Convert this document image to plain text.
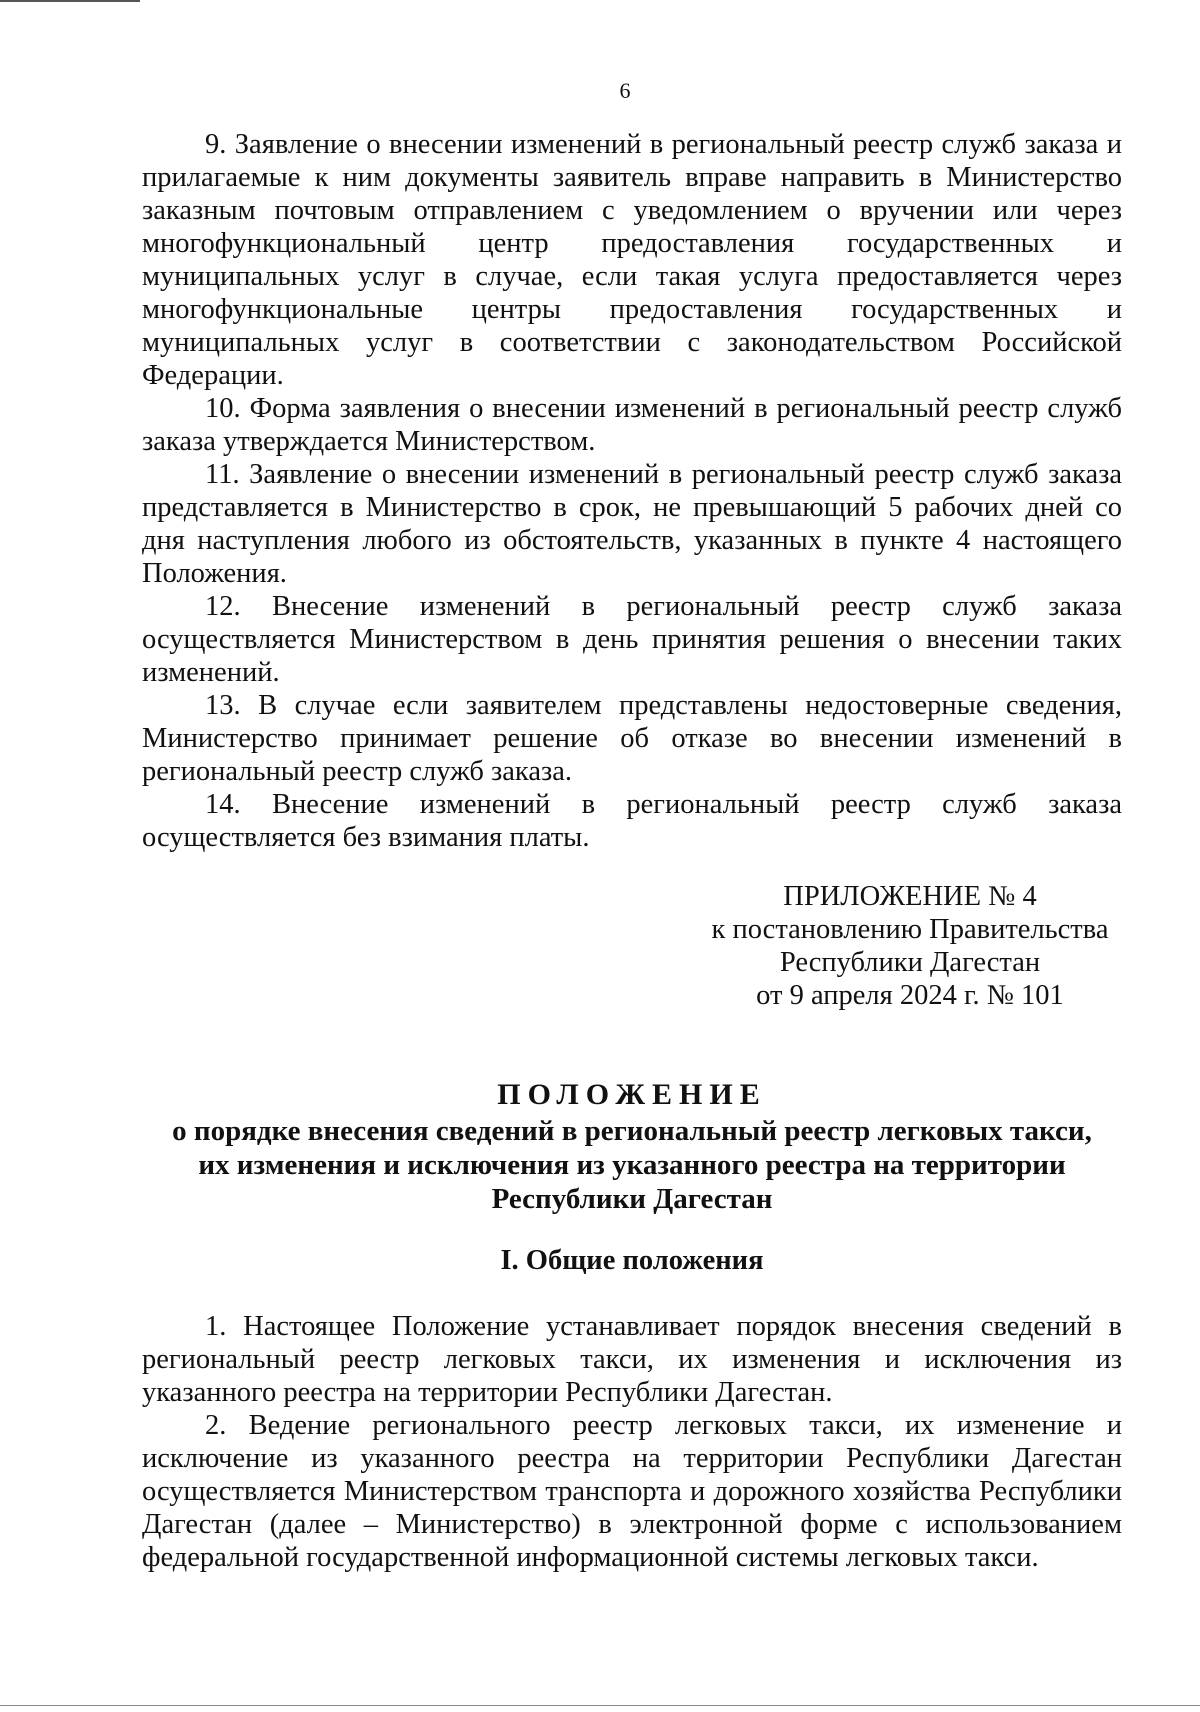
6

9. Заявление о внесении изменений в региональный реестр служб заказа и прилагаемые к ним документы заявитель вправе направить в Министерство заказным почтовым отправлением с уведомлением о вручении или через многофункциональный центр предоставления государственных и муниципальных услуг в случае, если такая услуга предоставляется через многофункциональные центры предоставления государственных и муниципальных услуг в соответствии с законодательством Российской Федерации.

10. Форма заявления о внесении изменений в региональный реестр служб заказа утверждается Министерством.

11. Заявление о внесении изменений в региональный реестр служб заказа представляется в Министерство в срок, не превышающий 5 рабочих дней со дня наступления любого из обстоятельств, указанных в пункте 4 настоящего Положения.

12. Внесение изменений в региональный реестр служб заказа осуществляется Министерством в день принятия решения о внесении таких изменений.

13. В случае если заявителем представлены недостоверные сведения, Министерство принимает решение об отказе во внесении изменений в региональный реестр служб заказа.

14. Внесение изменений в региональный реестр служб заказа осуществляется без взимания платы.

ПРИЛОЖЕНИЕ № 4
к постановлению Правительства
Республики Дагестан
от 9 апреля 2024 г. № 101
ПОЛОЖЕНИЕ
о порядке внесения сведений в региональный реестр легковых такси,
их изменения и исключения из указанного реестра на территории
Республики Дагестан
I. Общие положения

1. Настоящее Положение устанавливает порядок внесения сведений в региональный реестр легковых такси, их изменения и исключения из указанного реестра на территории Республики Дагестан.

2. Ведение регионального реестр легковых такси, их изменение и исключение из указанного реестра на территории Республики Дагестан осуществляется Министерством транспорта и дорожного хозяйства Республики Дагестан (далее – Министерство) в электронной форме с использованием федеральной государственной информационной системы легковых такси.
